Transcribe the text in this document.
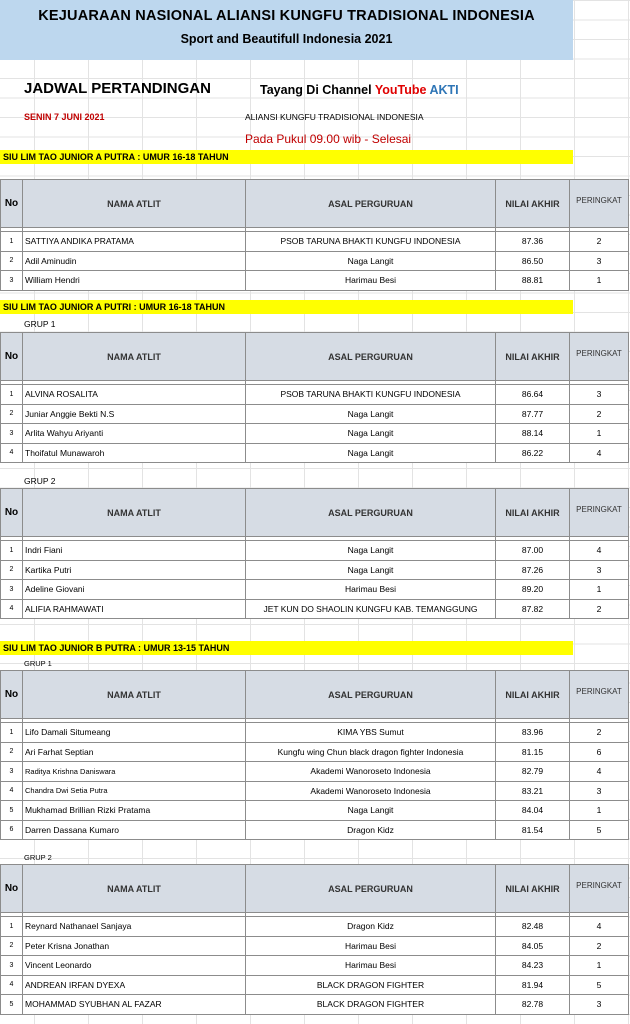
KEJUARAAN NASIONAL ALIANSI KUNGFU TRADISIONAL INDONESIA
Sport and Beautifull Indonesia 2021
JADWAL PERTANDINGAN	Tayang Di Channel YouTube AKTI
SENIN 7 JUNI 2021	ALIANSI KUNGFU TRADISIONAL INDONESIA
Pada Pukul 09.00 wib - Selesai
SIU LIM TAO JUNIOR A PUTRA : UMUR 16-18 TAHUN
No	NAMA ATLIT	ASAL PERGURUAN	NILAI AKHIR	PERINGKAT

1	SATTIYA ANDIKA PRATAMA	PSOB TARUNA BHAKTI KUNGFU INDONESIA	87.36	2
2	Adil Aminudin	Naga Langit	86.50	3
3	William Hendri	Harimau Besi	88.81	1
SIU LIM TAO JUNIOR A PUTRI : UMUR 16-18 TAHUN
GRUP 1
No	NAMA ATLIT	ASAL PERGURUAN	NILAI AKHIR	PERINGKAT

1	ALVINA ROSALITA	PSOB TARUNA BHAKTI KUNGFU INDONESIA	86.64	3
2	Juniar Anggie Bekti N.S	Naga Langit	87.77	2
3	Arlita Wahyu Ariyanti	Naga Langit	88.14	1
4	Thoifatul Munawaroh	Naga Langit	86.22	4
GRUP 2
No	NAMA ATLIT	ASAL PERGURUAN	NILAI AKHIR	PERINGKAT

1	Indri Fiani	Naga Langit	87.00	4
2	Kartika Putri	Naga Langit	87.26	3
3	Adeline Giovani	Harimau Besi	89.20	1
4	ALIFIA RAHMAWATI	JET KUN DO SHAOLIN KUNGFU KAB. TEMANGGUNG	87.82	2
SIU LIM TAO JUNIOR B PUTRA : UMUR 13-15 TAHUN
GRUP 1
No	NAMA ATLIT	ASAL PERGURUAN	NILAI AKHIR	PERINGKAT

1	Lifo Damali Situmeang	KIMA YBS Sumut	83.96	2
2	Ari Farhat Septian	Kungfu wing Chun black dragon fighter Indonesia	81.15	6
3	Raditya Krishna Daniswara	Akademi Wanoroseto Indonesia	82.79	4
4	Chandra Dwi Setia Putra	Akademi Wanoroseto Indonesia	83.21	3
5	Mukhamad Brillian Rizki Pratama	Naga Langit	84.04	1
6	Darren Dassana Kumaro	Dragon Kidz	81.54	5
GRUP 2
No	NAMA ATLIT	ASAL PERGURUAN	NILAI AKHIR	PERINGKAT

1	Reynard Nathanael Sanjaya	Dragon Kidz	82.48	4
2	Peter Krisna Jonathan	Harimau Besi	84.05	2
3	Vincent Leonardo	Harimau Besi	84.23	1
4	ANDREAN IRFAN DYEXA	BLACK DRAGON FIGHTER	81.94	5
5	MOHAMMAD SYUBHAN AL FAZAR	BLACK DRAGON FIGHTER	82.78	3
